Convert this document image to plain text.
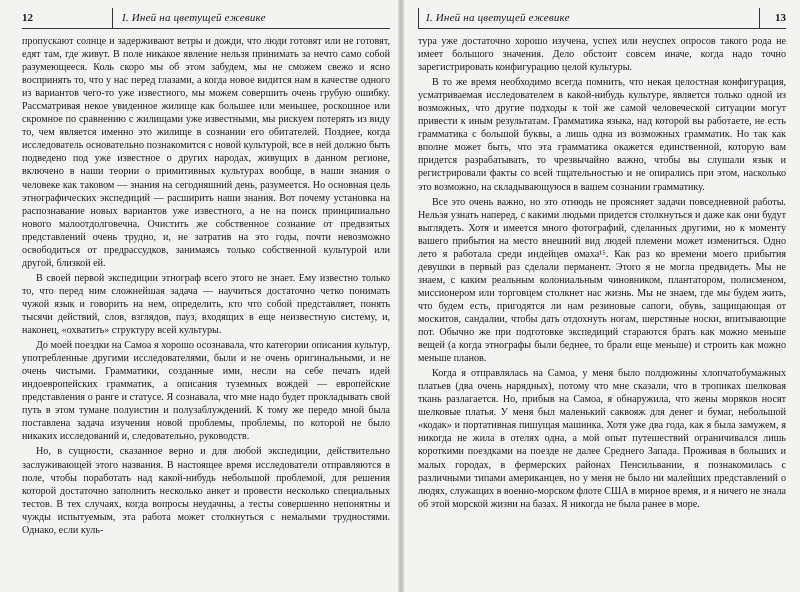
12	I. Иней на цветущей ежевике

пропускают солнце и задерживают ветры и дожди, что люди готовят или не готовят, едят там, где живут. В поле никакое явление нельзя принимать за нечто само собой разумеющееся. Коль скоро мы об этом забудем, мы не сможем свежо и ясно воспринять то, что у нас перед глазами, а когда новое видится нам в качестве одного из вариантов чего-то уже известного, мы можем совершить очень грубую ошибку. Рассматривая некое увиденное жилище как большее или меньшее, роскошное или скромное по сравнению с жилищами уже известными, мы рискуем потерять из виду то, чем является именно это жилище в сознании его обитателей. Позднее, когда исследователь основательно познакомится с новой культурой, все в ней должно быть подведено под уже известное о других народах, живущих в данном регионе, включено в наши теории о примитивных культурах вообще, в наши знания о человеке как таковом — знания на сегодняшний день, разумеется. Но основная цель этнографических экспедиций — расширить наши знания. Вот почему установка на распознавание новых вариантов уже известного, а не на поиск принципиально нового малоотдолговечна. Очистить же собственное сознание от предвзятых представлений очень трудно, и, не затратив на это годы, почти невозможно освободиться от предрассудков, занимаясь только собственной культурой или другой, близкой ей.

В своей первой экспедиции этнограф всего этого не знает. Ему известно только то, что перед ним сложнейшая задача — научиться достаточно четко понимать чужой язык и говорить на нем, определить, кто что собой представляет, понять тысячи действий, слов, взглядов, пауз, входящих в еще неизвестную систему, и, наконец, «охватить» структуру всей культуры.

До моей поездки на Самоа я хорошо осознавала, что категории описания культур, употребленные другими исследователями, были и не очень оригинальными, и не очень чистыми. Грамматики, созданные ими, несли на себе печать идей индоевропейских грамматик, а описания туземных вождей — европейские представления о ранге и статусе. Я сознавала, что мне надо будет прокладывать свой путь в этом тумане полуистин и полузаблуждений. К тому же передо мной была поставлена задача изучения новой проблемы, проблемы, по которой не было никаких исследований и, следовательно, руководств.

Но, в сущности, сказанное верно и для любой экспедиции, действительно заслуживающей этого названия. В настоящее время исследователи отправляются в поле, чтобы поработать над какой-нибудь небольшой проблемой, для решения которой достаточно заполнить несколько анкет и провести несколько специальных тестов. В тех случаях, когда вопросы неудачны, а тесты совершенно непонятны и чужды испытуемым, эта работа может столкнуться с немалыми трудностями. Однако, если куль-

I. Иней на цветущей ежевике	13

тура уже достаточно хорошо изучена, успех или неуспех опросов такого рода не имеет большого значения. Дело обстоит совсем иначе, когда надо точно зарегистрировать конфигурацию целой культуры.

В то же время необходимо всегда помнить, что некая целостная конфигурация, усматриваемая исследователем в какой-нибудь культуре, является только одной из возможных, что другие подходы к той же самой человеческой ситуации могут привести к иным результатам. Грамматика языка, над которой вы работаете, не есть грамматика с большой буквы, а лишь одна из возможных грамматик. Но так как вполне может быть, что эта грамматика окажется единственной, которую вам придется разрабатывать, то чрезвычайно важно, чтобы вы слушали язык и регистрировали факты со всей тщательностью и не опирались при этом, насколько это возможно, на складывающуюся в вашем сознании грамматику.

Все это очень важно, но это отнюдь не проясняет задачи повседневной работы. Нельзя узнать наперед, с какими людьми придется столкнуться и даже как они будут выглядеть. Хотя и имеется много фотографий, сделанных другими, но к моменту вашего прибытия на место внешний вид людей племени может измениться. Одно лето я работала среди индейцев омаха¹⁵. Как раз ко времени моего прибытия девушки в первый раз сделали перманент. Этого я не могла предвидеть. Мы не знаем, с каким реальным колониальным чиновником, плантатором, полисменом, миссионером или торговцем столкнет нас жизнь. Мы не знаем, где мы будем жить, что будем есть, пригодятся ли нам резиновые сапоги, обувь, защищающая от москитов, сандалии, чтобы дать отдохнуть ногам, шерстяные носки, впитывающие пот. Обычно же при подготовке экспедиций стараются брать как можно меньше вещей (а когда этнографы были беднее, то брали еще меньше) и строить как можно меньше планов.

Когда я отправлялась на Самоа, у меня было полдюжины хлопчатобумажных платьев (два очень нарядных), потому что мне сказали, что в тропиках шелковая ткань разлагается. Но, прибыв на Самоа, я обнаружила, что жены моряков носят шелковые платья. У меня был маленький саквояж для денег и бумаг, небольшой «кодак» и портативная пишущая машинка. Хотя уже два года, как я была замужем, я никогда не жила в отелях одна, а мой опыт путешествий ограничивался лишь короткими поездками на поезде не далее Среднего Запада. Проживая в больших и малых городах, в фермерских районах Пенсильвании, я познакомилась с различными типами американцев, но у меня не было ни малейших представлений о людях, служащих в военно-морском флоте США в мирное время, и я ничего не знала об этой морской жизни на базах. Я никогда не была ранее в море.
